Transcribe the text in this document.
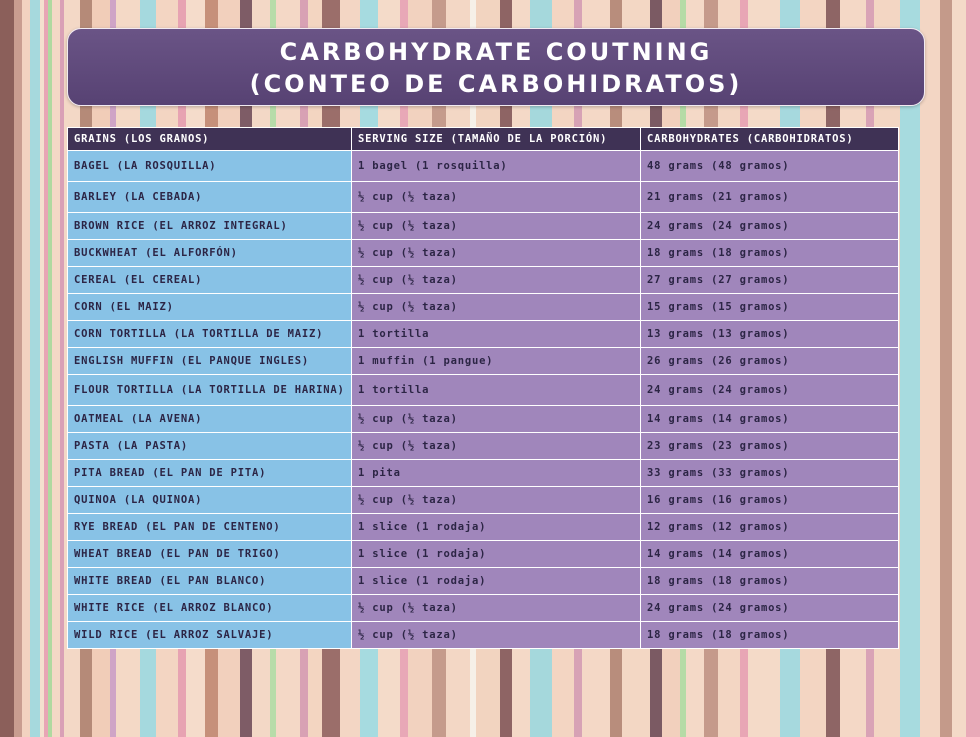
CARBOHYDRATE COUTNING
(CONTEO DE CARBOHIDRATOS)
GRAINS (LOS GRANOS)	SERVING SIZE (TAMAÑO DE LA PORCIÓN)	CARBOHYDRATES (CARBOHIDRATOS)
BAGEL (LA ROSQUILLA)	1 bagel (1 rosquilla)	48 grams (48 gramos)
BARLEY (LA CEBADA)	½ cup (½ taza)	21 grams (21 gramos)
BROWN RICE (EL ARROZ INTEGRAL)	½ cup (½ taza)	24 grams (24 gramos)
BUCKWHEAT (EL ALFORFÓN)	½ cup (½ taza)	18 grams (18 gramos)
CEREAL (EL CEREAL)	½ cup (½ taza)	27 grams (27 gramos)
CORN (EL MAIZ)	½ cup (½ taza)	15 grams (15 gramos)
CORN TORTILLA (LA TORTILLA DE MAIZ)	1 tortilla	13 grams (13 gramos)
ENGLISH MUFFIN (EL PANQUE INGLES)	1 muffin (1 pangue)	26 grams (26 gramos)
FLOUR TORTILLA (LA TORTILLA DE HARINA)	1 tortilla	24 grams (24 gramos)
OATMEAL (LA AVENA)	½ cup (½ taza)	14 grams (14 gramos)
PASTA (LA PASTA)	½ cup (½ taza)	23 grams (23 gramos)
PITA BREAD (EL PAN DE PITA)	1 pita	33 grams (33 gramos)
QUINOA (LA QUINOA)	½ cup (½ taza)	16 grams (16 gramos)
RYE BREAD (EL PAN DE CENTENO)	1 slice (1 rodaja)	12 grams (12 gramos)
WHEAT BREAD (EL PAN DE TRIGO)	1 slice (1 rodaja)	14 grams (14 gramos)
WHITE BREAD (EL PAN BLANCO)	1 slice (1 rodaja)	18 grams (18 gramos)
WHITE RICE (EL ARROZ BLANCO)	½ cup (½ taza)	24 grams (24 gramos)
WILD RICE (EL ARROZ SALVAJE)	½ cup (½ taza)	18 grams (18 gramos)
